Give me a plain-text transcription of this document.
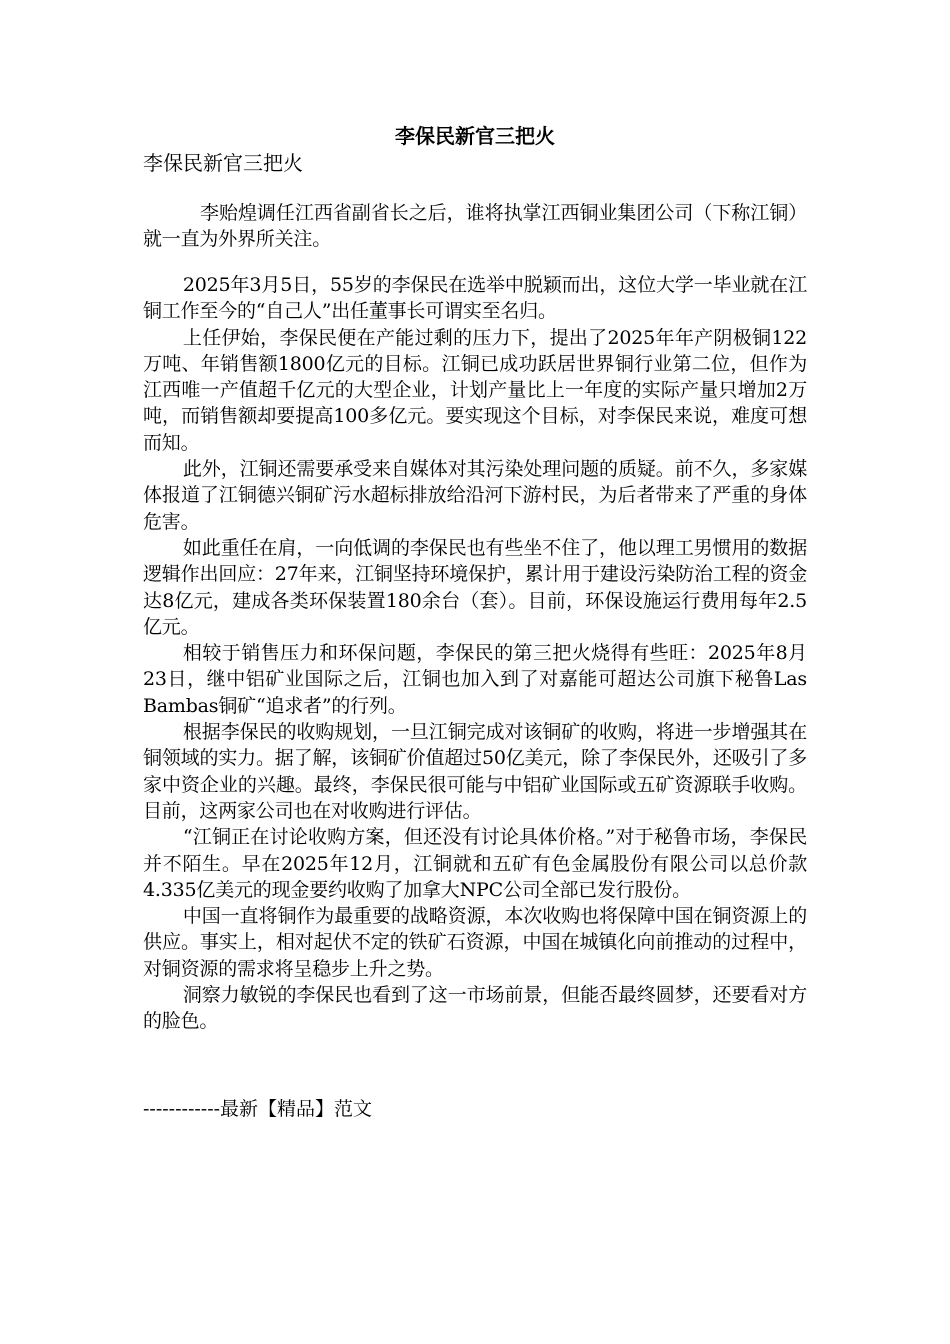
李保民新官三把火
李保民新官三把火

李贻煌调任江西省副省长之后，谁将执掌江西铜业集团公司（下称江铜）就一直为外界所关注。

2025年3月5日，55岁的李保民在选举中脱颖而出，这位大学一毕业就在江铜工作至今的“自己人”出任董事长可谓实至名归。

上任伊始，李保民便在产能过剩的压力下，提出了2025年年产阴极铜122万吨、年销售额1800亿元的目标。江铜已成功跃居世界铜行业第二位，但作为江西唯一产值超千亿元的大型企业，计划产量比上一年度的实际产量只增加2万吨，而销售额却要提高100多亿元。要实现这个目标，对李保民来说，难度可想而知。

此外，江铜还需要承受来自媒体对其污染处理问题的质疑。前不久，多家媒体报道了江铜德兴铜矿污水超标排放给沿河下游村民，为后者带来了严重的身体危害。

如此重任在肩，一向低调的李保民也有些坐不住了，他以理工男惯用的数据逻辑作出回应：27年来，江铜坚持环境保护，累计用于建设污染防治工程的资金达8亿元，建成各类环保装置180余台（套）。目前，环保设施运行费用每年2.5亿元。

相较于销售压力和环保问题，李保民的第三把火烧得有些旺：2025年8月23日，继中铝矿业国际之后，江铜也加入到了对嘉能可超达公司旗下秘鲁Las Bambas铜矿“追求者”的行列。

根据李保民的收购规划，一旦江铜完成对该铜矿的收购，将进一步增强其在铜领域的实力。据了解，该铜矿价值超过50亿美元，除了李保民外，还吸引了多家中资企业的兴趣。最终，李保民很可能与中铝矿业国际或五矿资源联手收购。目前，这两家公司也在对收购进行评估。

“江铜正在讨论收购方案，但还没有讨论具体价格。”对于秘鲁市场，李保民并不陌生。早在2025年12月，江铜就和五矿有色金属股份有限公司以总价款4.335亿美元的现金要约收购了加拿大NPC公司全部已发行股份。

中国一直将铜作为最重要的战略资源，本次收购也将保障中国在铜资源上的供应。事实上，相对起伏不定的铁矿石资源，中国在城镇化向前推动的过程中，对铜资源的需求将呈稳步上升之势。

洞察力敏锐的李保民也看到了这一市场前景，但能否最终圆梦，还要看对方的脸色。

------------最新【精品】范文
